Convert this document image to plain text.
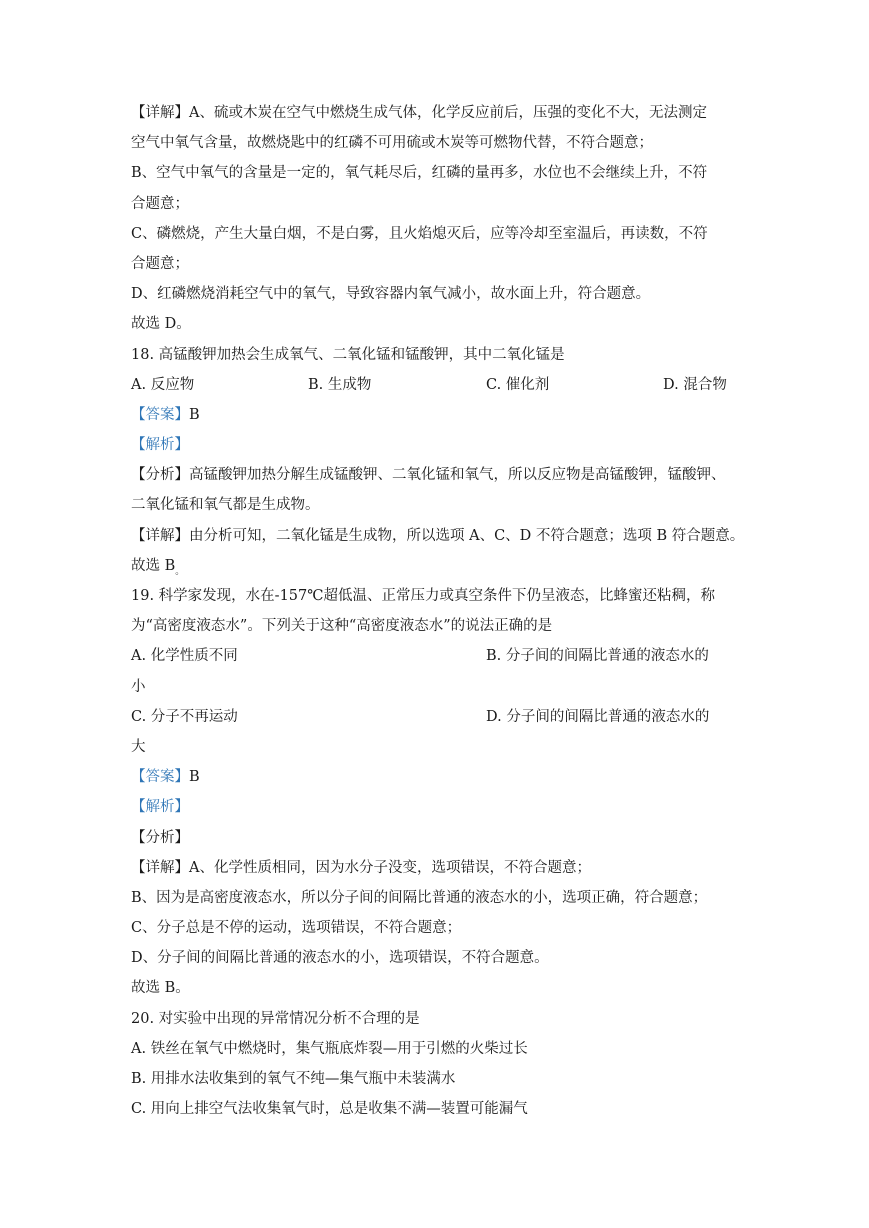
【详解】A、硫或木炭在空气中燃烧生成气体，化学反应前后，压强的变化不大，无法测定
空气中氧气含量，故燃烧匙中的红磷不可用硫或木炭等可燃物代替，不符合题意；
B、空气中氧气的含量是一定的，氧气耗尽后，红磷的量再多，水位也不会继续上升，不符
合题意；
C、磷燃烧，产生大量白烟，不是白雾，且火焰熄灭后，应等冷却至室温后，再读数，不符
合题意；
D、红磷燃烧消耗空气中的氧气，导致容器内氧气减小，故水面上升，符合题意。
故选 D。
18. 高锰酸钾加热会生成氧气、二氧化锰和锰酸钾，其中二氧化锰是
A. 反应物	B. 生成物	C. 催化剂	D. 混合物
【答案】B
【解析】
【分析】高锰酸钾加热分解生成锰酸钾、二氧化锰和氧气，所以反应物是高锰酸钾，锰酸钾、
二氧化锰和氧气都是生成物。
【详解】由分析可知，二氧化锰是生成物，所以选项 A、C、D 不符合题意；选项 B 符合题意。
故选 $B_。$
19. 科学家发现，水在-157℃超低温、正常压力或真空条件下仍呈液态，比蜂蜜还粘稠，称
为“高密度液态水”。下列关于这种“高密度液态水”的说法正确的是
A. 化学性质不同	B. 分子间的间隔比普通的液态水的
小
C. 分子不再运动	D. 分子间的间隔比普通的液态水的
大
【答案】B
【解析】
【分析】
【详解】A、化学性质相同，因为水分子没变，选项错误，不符合题意；
B、因为是高密度液态水，所以分子间的间隔比普通的液态水的小，选项正确，符合题意；
C、分子总是不停的运动，选项错误，不符合题意；
D、分子间的间隔比普通的液态水的小，选项错误，不符合题意。
故选 B。
20. 对实验中出现的异常情况分析不合理的是
A. 铁丝在氧气中燃烧时，集气瓶底炸裂—用于引燃的火柴过长
B. 用排水法收集到的氧气不纯—集气瓶中未装满水
C. 用向上排空气法收集氧气时，总是收集不满—装置可能漏气
